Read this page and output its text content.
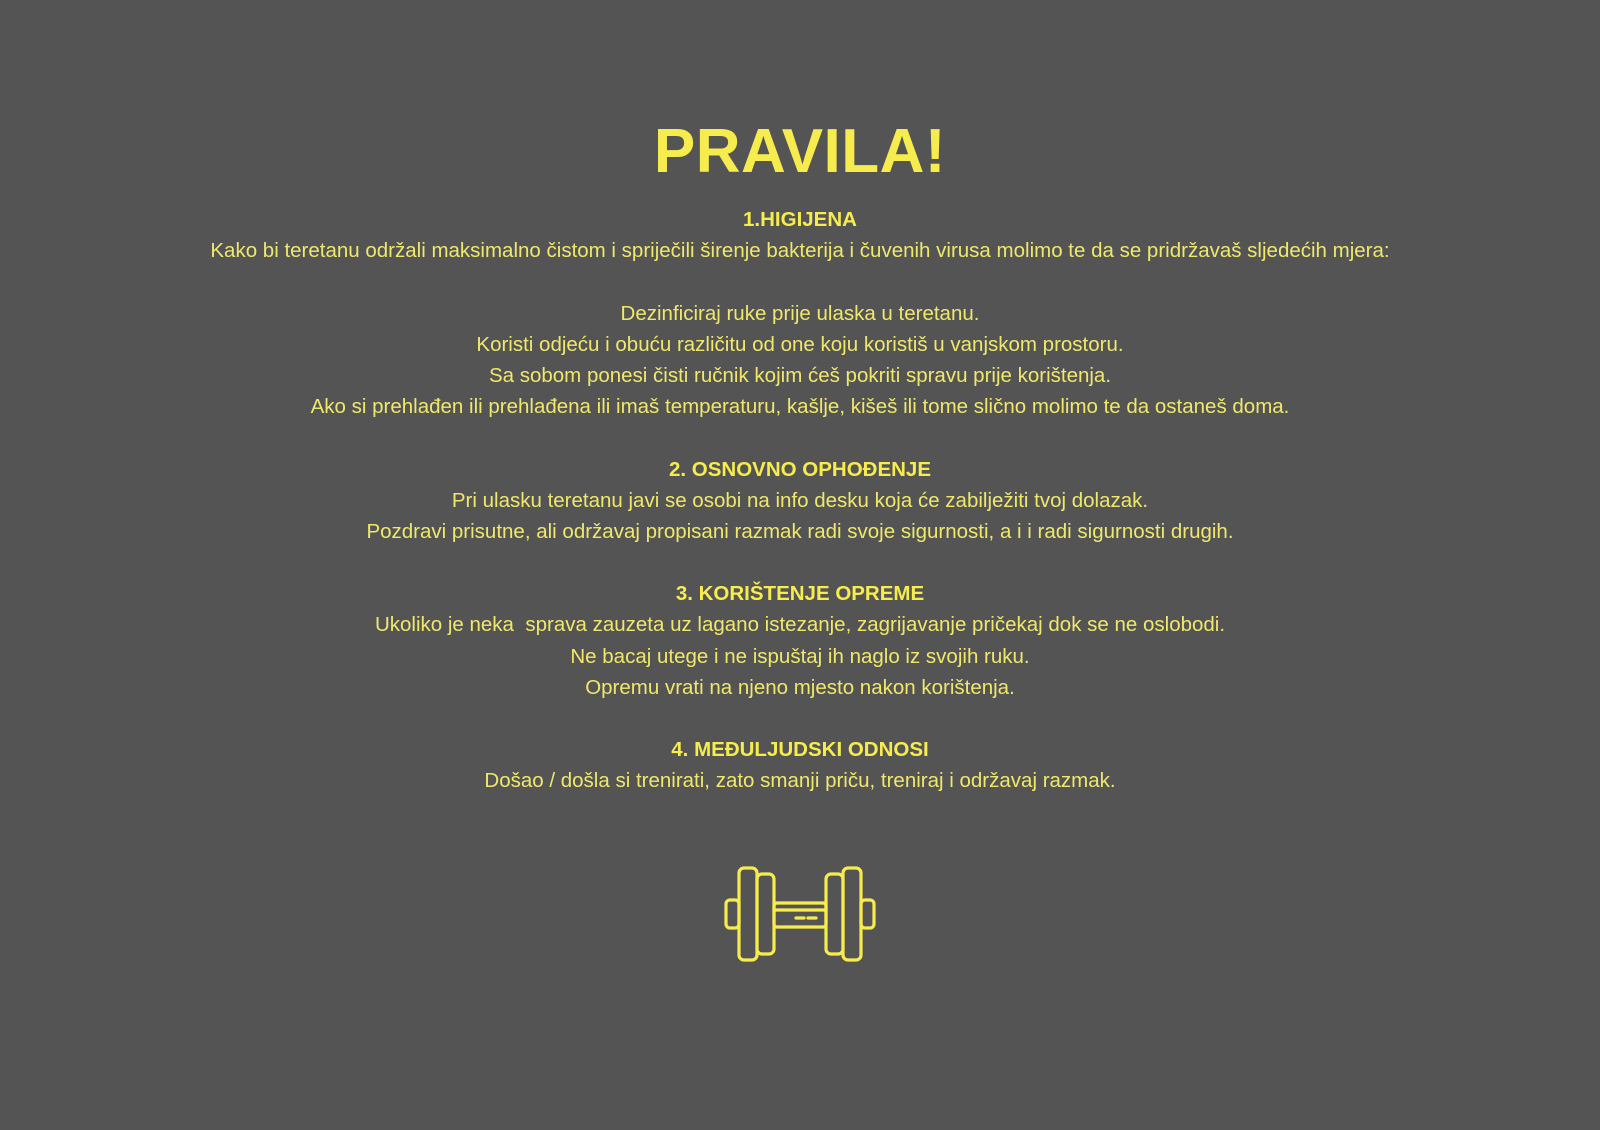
PRAVILA!
1.HIGIJENA
Kako bi teretanu održali maksimalno čistom i spriječili širenje bakterija i čuvenih virusa molimo te da se pridržavaš sljedećih mjera:
Dezinficiraj ruke prije ulaska u teretanu.
Koristi odjeću i obuću različitu od one koju koristiš u vanjskom prostoru.
Sa sobom ponesi čisti ručnik kojim ćeš pokriti spravu prije korištenja.
Ako si prehlađen ili prehlađena ili imaš temperaturu, kašlje, kišeš ili tome slično molimo te da ostaneš doma.
2. OSNOVNO OPHOĐENJE
Pri ulasku teretanu javi se osobi na info desku koja će zabilježiti tvoj dolazak.
Pozdravi prisutne, ali održavaj propisani razmak radi svoje sigurnosti, a i i radi sigurnosti drugih.
3. KORIŠTENJE OPREME
Ukoliko je neka  sprava zauzeta uz lagano istezanje, zagrijavanje pričekaj dok se ne oslobodi.
Ne bacaj utege i ne ispuštaj ih naglo iz svojih ruku.
Opremu vrati na njeno mjesto nakon korištenja.
4. MEĐULJUDSKI ODNOSI
Došao / došla si trenirati, zato smanji priču, treniraj i održavaj razmak.
